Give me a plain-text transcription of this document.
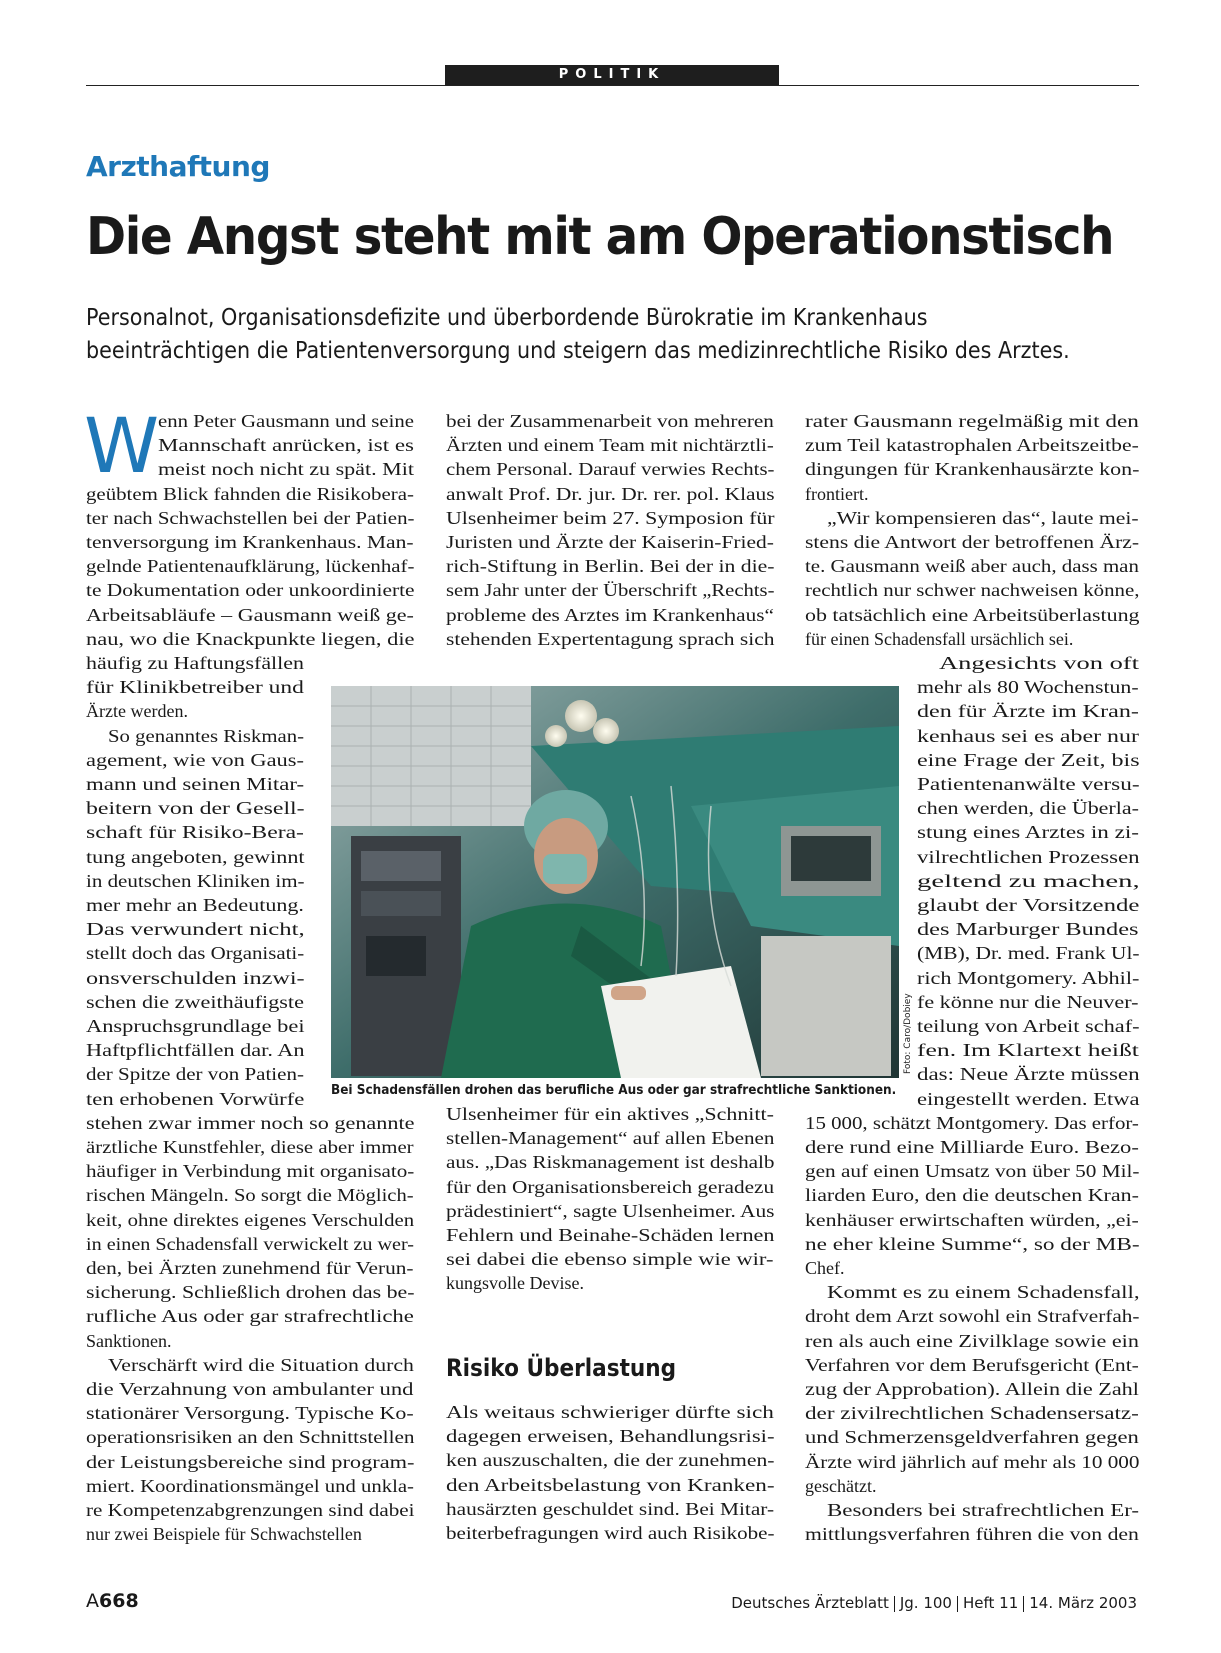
POLITIK
Arzthaftung
Die Angst steht mit am Operationstisch
Personalnot, Organisationsdefizite und überbordende Bürokratie im Krankenhaus
beeinträchtigen die Patientenversorgung und steigern das medizinrechtliche Risiko des Arztes.
W
enn Peter Gausmann und seine
Mannschaft anrücken, ist es
meist noch nicht zu spät. Mit
geübtem Blick fahnden die Risikobera-
ter nach Schwachstellen bei der Patien-
tenversorgung im Krankenhaus. Man-
gelnde Patientenaufklärung, lückenhaf-
te Dokumentation oder unkoordinierte
Arbeitsabläufe – Gausmann weiß ge-
nau, wo die Knackpunkte liegen, die
häufig zu Haftungsfällen
für Klinikbetreiber und
Ärzte werden.
So genanntes Riskman-
agement, wie von Gaus-
mann und seinen Mitar-
beitern von der Gesell-
schaft für Risiko-Bera-
tung angeboten, gewinnt
in deutschen Kliniken im-
mer mehr an Bedeutung.
Das verwundert nicht,
stellt doch das Organisati-
onsverschulden inzwi-
schen die zweithäufigste
Anspruchsgrundlage bei
Haftpflichtfällen dar. An
der Spitze der von Patien-
ten erhobenen Vorwürfe
stehen zwar immer noch so genannte
ärztliche Kunstfehler, diese aber immer
häufiger in Verbindung mit organisato-
rischen Mängeln. So sorgt die Möglich-
keit, ohne direktes eigenes Verschulden
in einen Schadensfall verwickelt zu wer-
den, bei Ärzten zunehmend für Verun-
sicherung. Schließlich drohen das be-
rufliche Aus oder gar strafrechtliche
Sanktionen.
Verschärft wird die Situation durch
die Verzahnung von ambulanter und
stationärer Versorgung. Typische Ko-
operationsrisiken an den Schnittstellen
der Leistungsbereiche sind program-
miert. Koordinationsmängel und unkla-
re Kompetenzabgrenzungen sind dabei
nur zwei Beispiele für Schwachstellen
bei der Zusammenarbeit von mehreren
Ärzten und einem Team mit nichtärztli-
chem Personal. Darauf verwies Rechts-
anwalt Prof. Dr. jur. Dr. rer. pol. Klaus
Ulsenheimer beim 27. Symposion für
Juristen und Ärzte der Kaiserin-Fried-
rich-Stiftung in Berlin. Bei der in die-
sem Jahr unter der Überschrift „Rechts-
probleme des Arztes im Krankenhaus“
stehenden Expertentagung sprach sich
Ulsenheimer für ein aktives „Schnitt-
stellen-Management“ auf allen Ebenen
aus. „Das Riskmanagement ist deshalb
für den Organisationsbereich geradezu
prädestiniert“, sagte Ulsenheimer. Aus
Fehlern und Beinahe-Schäden lernen
sei dabei die ebenso simple wie wir-
kungsvolle Devise.
Als weitaus schwieriger dürfte sich
dagegen erweisen, Behandlungsrisi-
ken auszuschalten, die der zunehmen-
den Arbeitsbelastung von Kranken-
hausärzten geschuldet sind. Bei Mitar-
beiterbefragungen wird auch Risikobe-
rater Gausmann regelmäßig mit den
zum Teil katastrophalen Arbeitszeitbe-
dingungen für Krankenhausärzte kon-
frontiert.
„Wir kompensieren das“, laute mei-
stens die Antwort der betroffenen Ärz-
te. Gausmann weiß aber auch, dass man
rechtlich nur schwer nachweisen könne,
ob tatsächlich eine Arbeitsüberlastung
für einen Schadensfall ursächlich sei.
Angesichts von oft
mehr als 80 Wochenstun-
den für Ärzte im Kran-
kenhaus sei es aber nur
eine Frage der Zeit, bis
Patientenanwälte versu-
chen werden, die Überla-
stung eines Arztes in zi-
vilrechtlichen Prozessen
geltend zu machen,
glaubt der Vorsitzende
des Marburger Bundes
(MB), Dr. med. Frank Ul-
rich Montgomery. Abhil-
fe könne nur die Neuver-
teilung von Arbeit schaf-
fen. Im Klartext heißt
das: Neue Ärzte müssen
eingestellt werden. Etwa
15 000, schätzt Montgomery. Das erfor-
dere rund eine Milliarde Euro. Bezo-
gen auf einen Umsatz von über 50 Mil-
liarden Euro, den die deutschen Kran-
kenhäuser erwirtschaften würden, „ei-
ne eher kleine Summe“, so der MB-
Chef.
Kommt es zu einem Schadensfall,
droht dem Arzt sowohl ein Strafverfah-
ren als auch eine Zivilklage sowie ein
Verfahren vor dem Berufsgericht (Ent-
zug der Approbation). Allein die Zahl
der zivilrechtlichen Schadensersatz-
und Schmerzensgeldverfahren gegen
Ärzte wird jährlich auf mehr als 10 000
geschätzt.
Besonders bei strafrechtlichen Er-
mittlungsverfahren führen die von den
Risiko Überlastung
Foto: Caro/Dobiey
Bei Schadensfällen drohen das berufliche Aus oder gar strafrechtliche Sanktionen.
A668	Deutsches Ärzteblatt Jg. 100 Heft 11 14. März 2003
